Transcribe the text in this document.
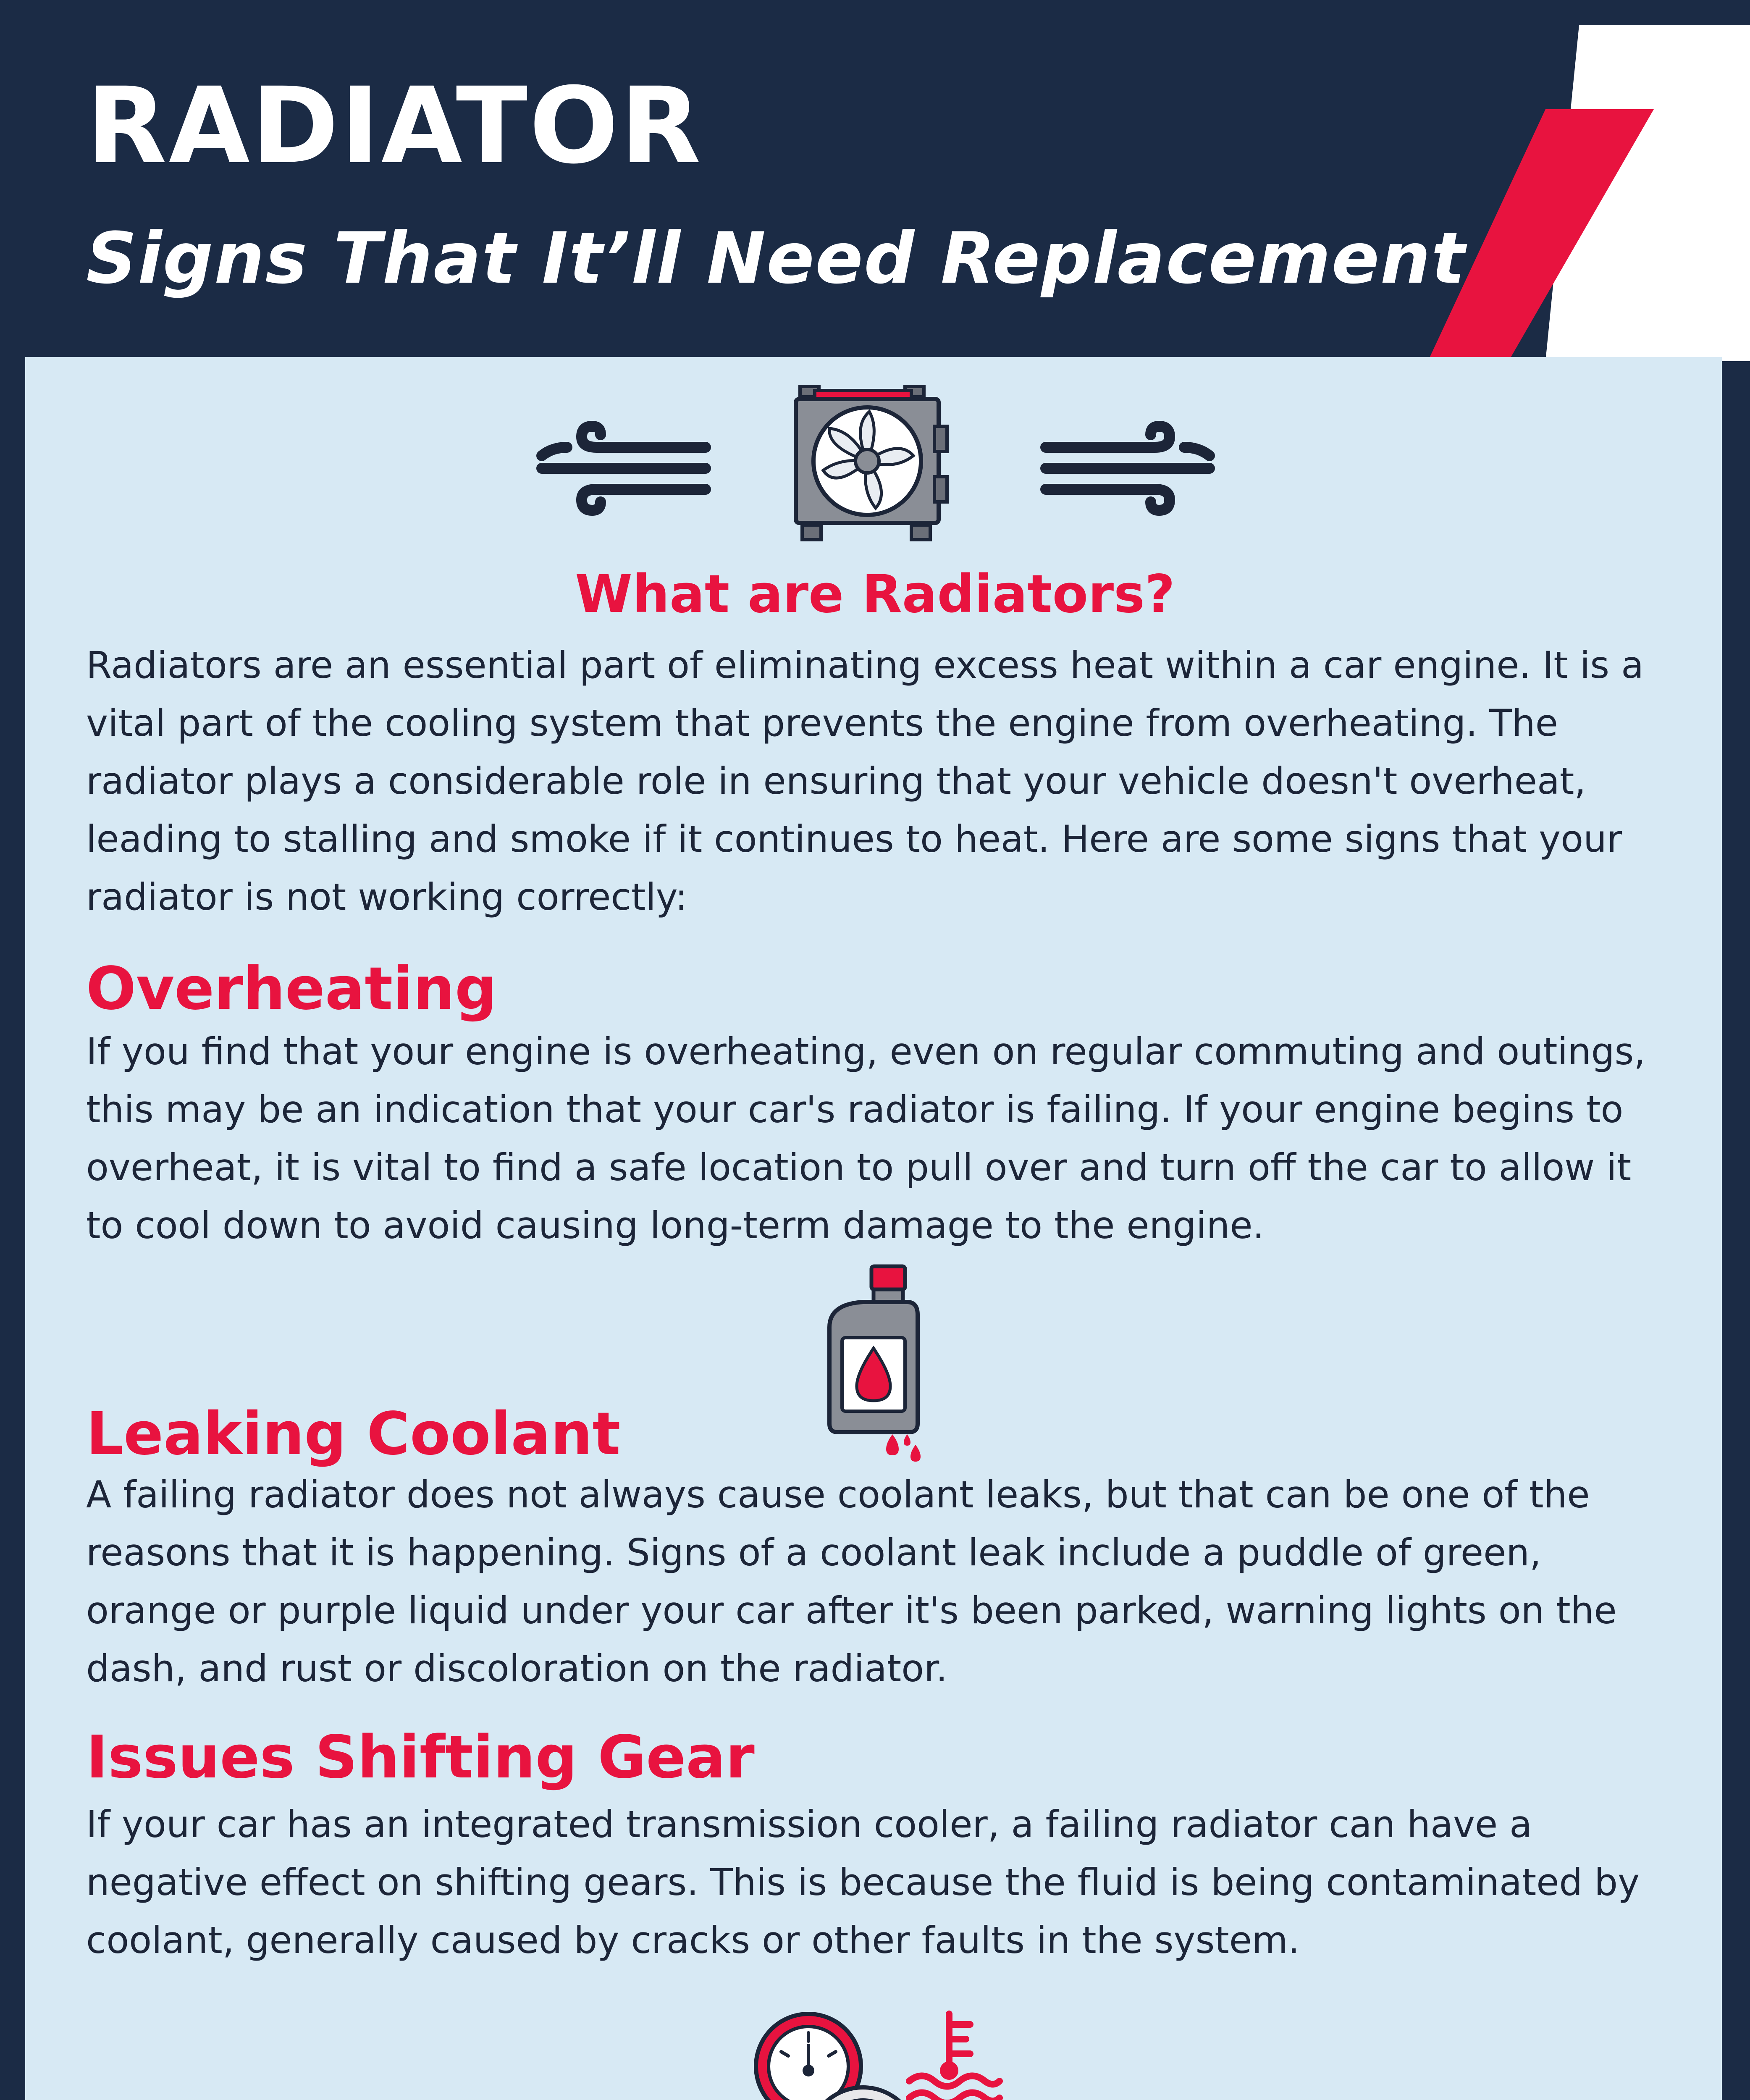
RADIATOR
Signs That It’ll Need Replacement
What are Radiators?

Radiators are an essential part of eliminating excess heat within a car engine. It is a vital part of the cooling system that prevents the engine from overheating. The radiator plays a considerable role in ensuring that your vehicle doesn't overheat, leading to stalling and smoke if it continues to heat. Here are some signs that your radiator is not working correctly:

Overheating

If you find that your engine is overheating, even on regular commuting and outings, this may be an indication that your car's radiator is failing. If your engine begins to overheat, it is vital to find a safe location to pull over and turn off the car to allow it to cool down to avoid causing long-term damage to the engine.

Leaking Coolant

A failing radiator does not always cause coolant leaks, but that can be one of the reasons that it is happening. Signs of a coolant leak include a puddle of green, orange or purple liquid under your car after it's been parked, warning lights on the dash, and rust or discoloration on the radiator.

Issues Shifting Gear

If your car has an integrated transmission cooler, a failing radiator can have a negative effect on shifting gears. This is because the fluid is being contaminated by coolant, generally caused by cracks or other faults in the system.
